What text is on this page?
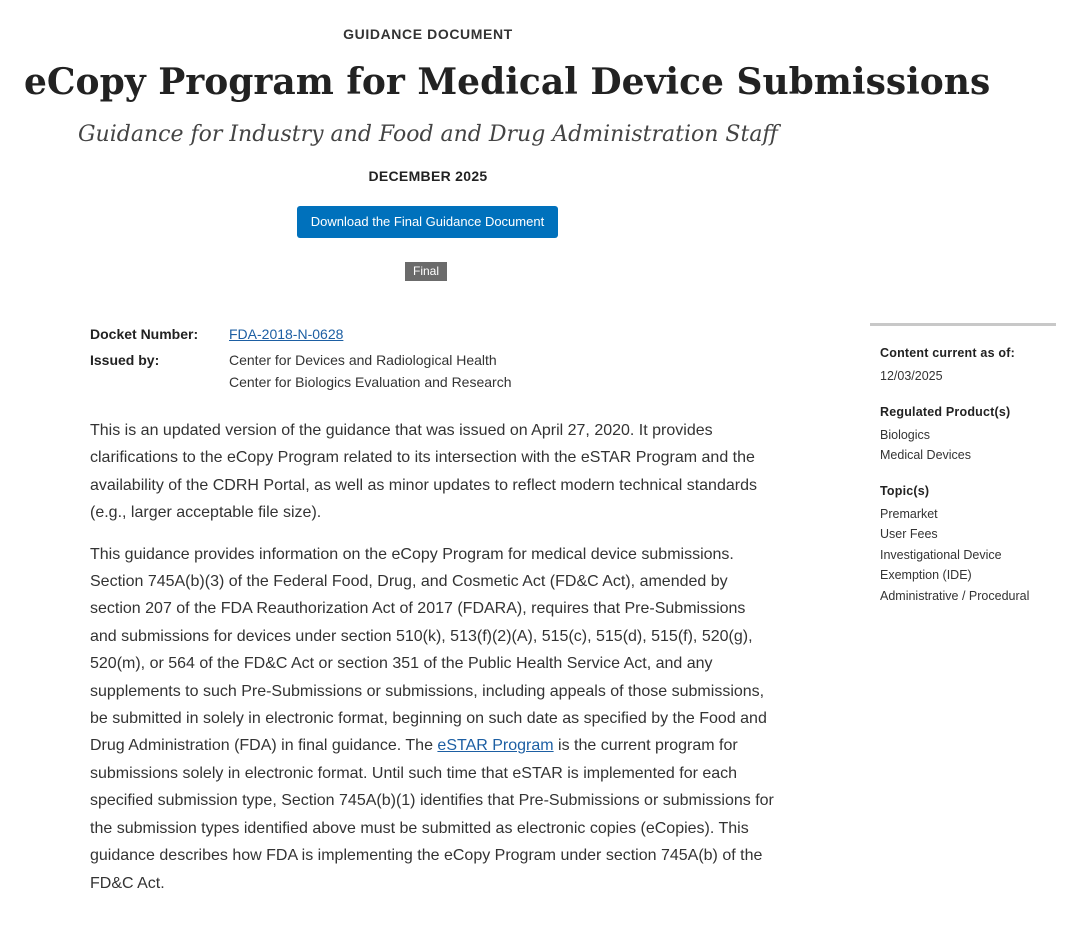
GUIDANCE DOCUMENT
eCopy Program for Medical Device Submissions
Guidance for Industry and Food and Drug Administration Staff
DECEMBER 2025
Download the Final Guidance Document
Final
Docket Number:	FDA-2018-N-0628
Issued by:	Center for Devices and Radiological Health
Center for Biologics Evaluation and Research

This is an updated version of the guidance that was issued on April 27, 2020. It provides clarifications to the eCopy Program related to its intersection with the eSTAR Program and the availability of the CDRH Portal, as well as minor updates to reflect modern technical standards (e.g., larger acceptable file size).

This guidance provides information on the eCopy Program for medical device submissions. Section 745A(b)(3) of the Federal Food, Drug, and Cosmetic Act (FD&C Act), amended by section 207 of the FDA Reauthorization Act of 2017 (FDARA), requires that Pre-Submissions and submissions for devices under section 510(k), 513(f)(2)(A), 515(c), 515(d), 515(f), 520(g), 520(m), or 564 of the FD&C Act or section 351 of the Public Health Service Act, and any supplements to such Pre-Submissions or submissions, including appeals of those submissions, be submitted in solely in electronic format, beginning on such date as specified by the Food and Drug Administration (FDA) in final guidance. The eSTAR Program is the current program for submissions solely in electronic format. Until such time that eSTAR is implemented for each specified submission type, Section 745A(b)(1) identifies that Pre-Submissions or submissions for the submission types identified above must be submitted as electronic copies (eCopies). This guidance describes how FDA is implementing the eCopy Program under section 745A(b) of the FD&C Act.

Content current as of:
12/03/2025
Regulated Product(s)
Biologics
Medical Devices
Topic(s)
Premarket
User Fees
Investigational Device Exemption (IDE)
Administrative / Procedural
